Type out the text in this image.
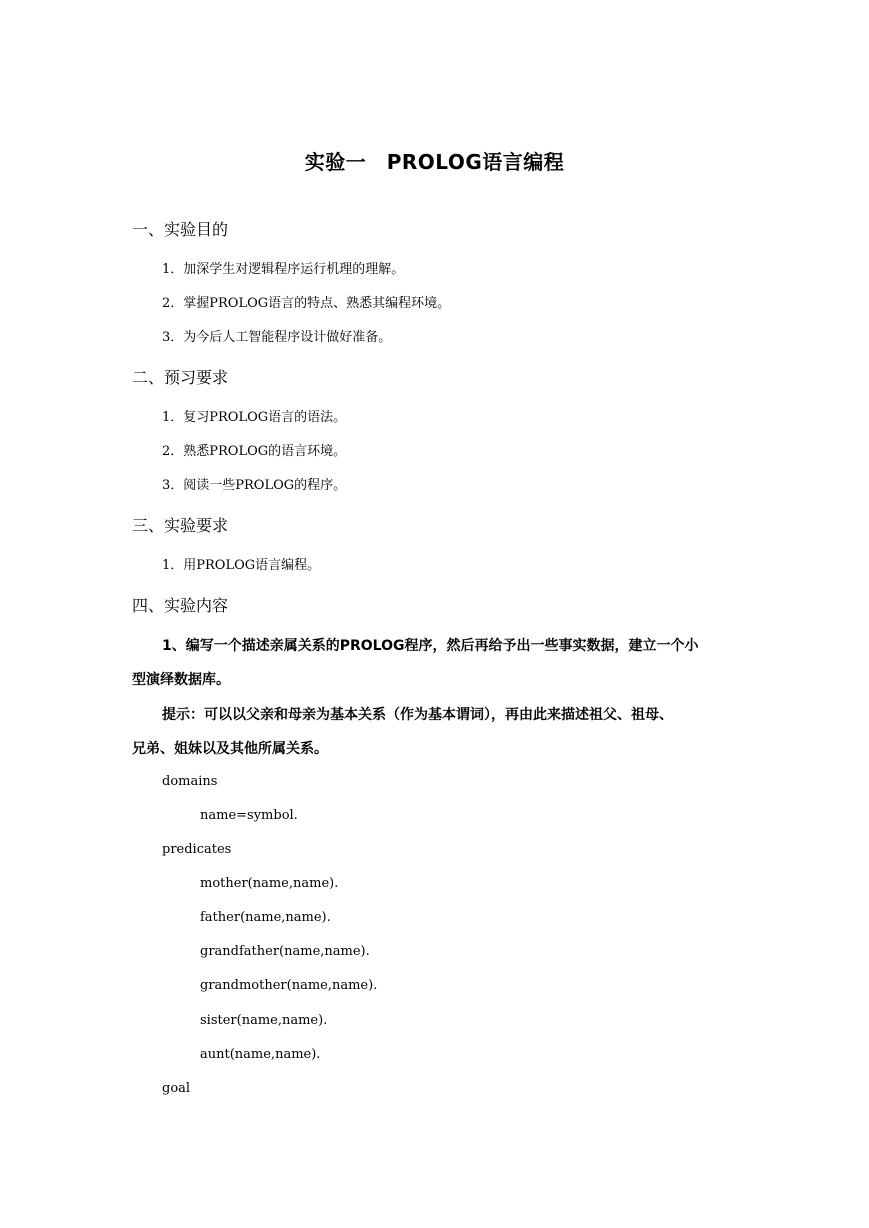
实验一　PROLOG语言编程
一、实验目的
1．加深学生对逻辑程序运行机理的理解。
2．掌握PROLOG语言的特点、熟悉其编程环境。
3．为今后人工智能程序设计做好准备。
二、预习要求
1．复习PROLOG语言的语法。
2．熟悉PROLOG的语言环境。
3．阅读一些PROLOG的程序。
三、实验要求
1．用PROLOG语言编程。
四、实验内容
1、编写一个描述亲属关系的PROLOG程序，然后再给予出一些事实数据，建立一个小
型演绎数据库。
提示：可以以父亲和母亲为基本关系（作为基本谓词），再由此来描述祖父、祖母、
兄弟、姐妹以及其他所属关系。
domains
name=symbol.
predicates
mother(name,name).
father(name,name).
grandfather(name,name).
grandmother(name,name).
sister(name,name).
aunt(name,name).
goal
